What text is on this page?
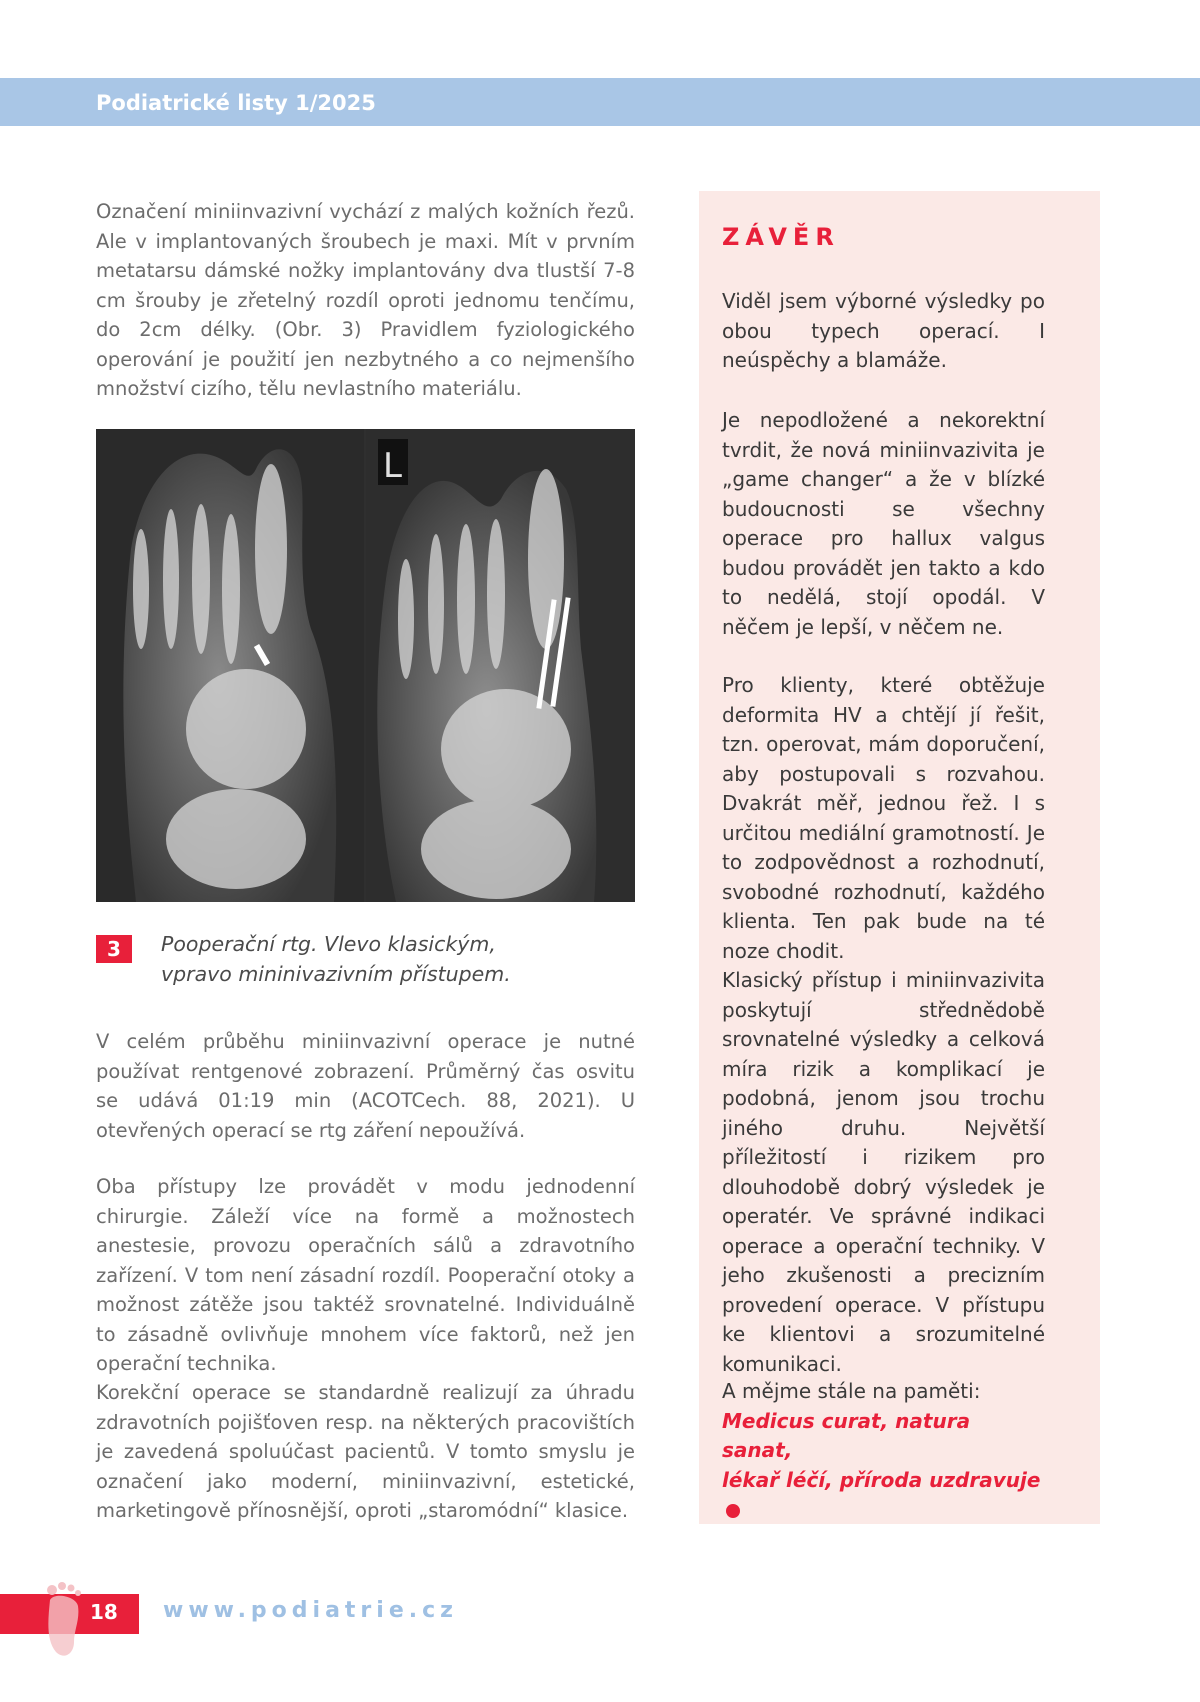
Podiatrické listy 1/2025

Označení miniinvazivní vychází z malých kožních řezů. Ale v implantovaných šroubech je maxi. Mít v prvním metatarsu dámské nožky implantovány dva tlustší 7-8 cm šrouby je zřetelný rozdíl oproti jednomu tenčímu, do 2cm délky. (Obr. 3) Pravidlem fyziologického operování je použití jen nezbytného a co nejmenšího množství cizího, tělu nevlastního materiálu.

L
3	Pooperační rtg. Vlevo klasickým,
vpravo mininivazivním přístupem.

V celém průběhu miniinvazivní operace je nutné používat rentgenové zobrazení. Průměrný čas osvitu se udává 01:19 min (ACOTCech. 88, 2021). U otevřených operací se rtg záření nepoužívá.

Oba přístupy lze provádět v modu jednodenní chirurgie. Záleží více na formě a možnostech anestesie, provozu operačních sálů a zdravotního zařízení. V tom není zásadní rozdíl. Pooperační otoky a možnost zátěže jsou taktéž srovnatelné. Individuálně to zásadně ovlivňuje mnohem více faktorů, než jen operační technika.

Korekční operace se standardně realizují za úhradu zdravotních pojišťoven resp. na některých pracovištích je zavedená spoluúčast pacientů. V tomto smyslu je označení jako moderní, miniinvazivní, estetické, marketingově přínosnější, oproti „staromódní“ klasice.

ZÁVĚR

Viděl jsem výborné výsledky po obou typech operací. I neúspěchy a blamáže.

Je nepodložené a nekorektní tvrdit, že nová miniinvazivita je „game changer“ a že v blízké budoucnosti se všechny operace pro hallux valgus budou provádět jen takto a kdo to nedělá, stojí opodál. V něčem je lepší, v něčem ne.

Pro klienty, které obtěžuje deformita HV a chtějí jí řešit, tzn. operovat, mám doporučení, aby postupovali s rozvahou. Dvakrát měř, jednou řež. I s určitou mediální gramotností. Je to zodpovědnost a rozhodnutí, svobodné rozhodnutí, každého klienta. Ten pak bude na té noze chodit.

Klasický přístup i miniinvazivita poskytují střednědobě srovnatelné výsledky a celková míra rizik a komplikací je podobná, jenom jsou trochu jiného druhu. Největší příležitostí i rizikem pro dlouhodobě dobrý výsledek je operatér. Ve správné indikaci operace a operační techniky. V jeho zkušenosti a precizním provedení operace. V přístupu ke klientovi a srozumitelné komunikaci.

A mějme stále na paměti:
Medicus curat, natura sanat,
lékař léčí, příroda uzdravuje
18 www.podiatrie.cz
